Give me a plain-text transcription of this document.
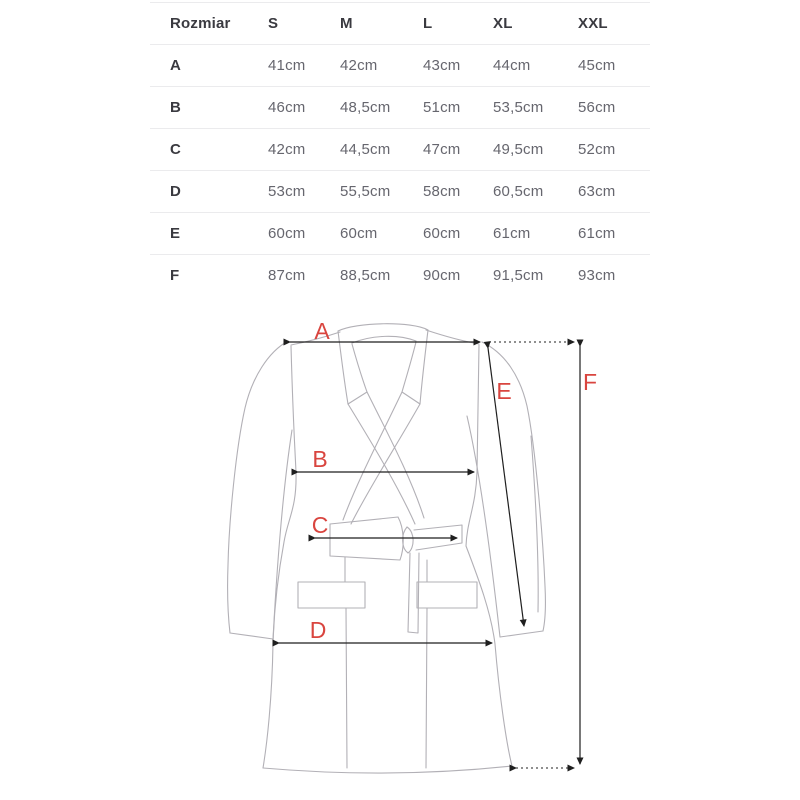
Rozmiar	S	M	L	XL	XXL
A	41cm	42cm	43cm	44cm	45cm
B	46cm	48,5cm	51cm	53,5cm	56cm
C	42cm	44,5cm	47cm	49,5cm	52cm
D	53cm	55,5cm	58cm	60,5cm	63cm
E	60cm	60cm	60cm	61cm	61cm
F	87cm	88,5cm	90cm	91,5cm	93cm
A
B
C
D
E	F
